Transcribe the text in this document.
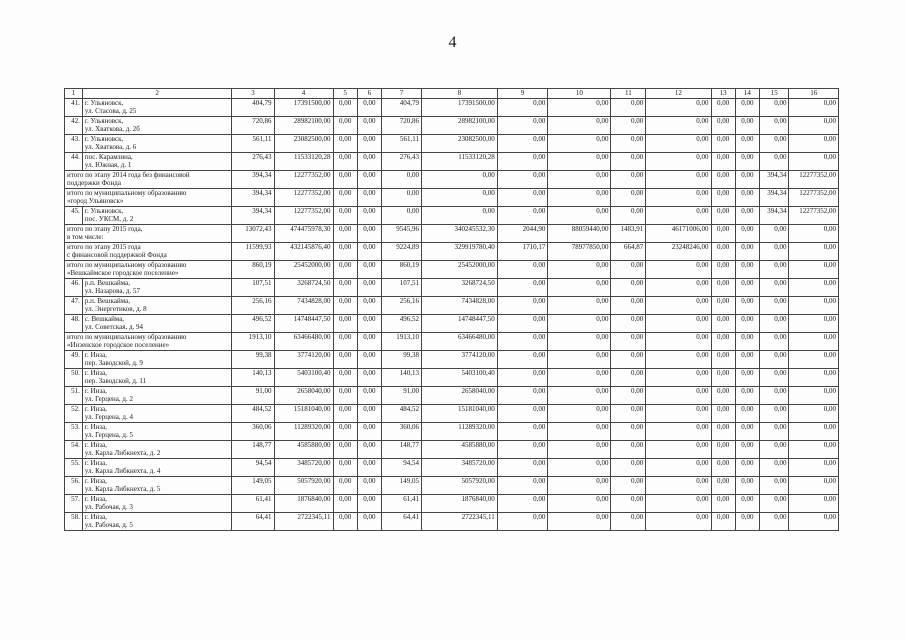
4
1	2	3	4	5	6	7	8	9	10	11	12	13	14	15	16
41.	г. Ульяновск,
ул. Стасова, д. 25	404,79	17391500,00	0,00	0,00	404,79	17391500,00	0,00	0,00	0,00	0,00	0,00	0,00	0,00	0,00
42.	г. Ульяновск,
ул. Хваткова, д. 2б	720,86	28982100,00	0,00	0,00	720,86	28982100,00	0,00	0,00	0,00	0,00	0,00	0,00	0,00	0,00
43.	г. Ульяновск,
ул. Хваткова, д. 6	561,11	23082500,00	0,00	0,00	561,11	23082500,00	0,00	0,00	0,00	0,00	0,00	0,00	0,00	0,00
44.	пос. Карамзина,
ул. Южная, д. 1	276,43	11533120,28	0,00	0,00	276,43	11533120,28	0,00	0,00	0,00	0,00	0,00	0,00	0,00	0,00

итого по этапу 2014 года без финансовой
поддержки Фонда		394,34	12277352,00	0,00	0,00	0,00	0,00	0,00	0,00	0,00	0,00	0,00	0,00	394,34	12277352,00

итого по муниципальному образованию
«город Ульяновск»		394,34	12277352,00	0,00	0,00	0,00	0,00	0,00	0,00	0,00	0,00	0,00	0,00	394,34	12277352,00
45.	г. Ульяновск,
пос. УКСМ, д. 2	394,34	12277352,00	0,00	0,00	0,00	0,00	0,00	0,00	0,00	0,00	0,00	0,00	394,34	12277352,00

итого по этапу 2015 года,
в том числе:		13072,43	474475978,30	0,00	0,00	9545,96	340245532,30	2044,90	88059440,00	1483,91	46171006,00	0,00	0,00	0,00	0,00

итого по этапу 2015 года
с финансовой поддержкой Фонда		11599,93	432145876,40	0,00	0,00	9224,89	329919780,40	1710,17	78977850,00	664,87	23248246,00	0,00	0,00	0,00	0,00

итого по муниципальному образованию
«Вешкаймское городское поселение»		860,19	25452000,00	0,00	0,00	860,19	25452000,00	0,00	0,00	0,00	0,00	0,00	0,00	0,00	0,00
46.	р.п. Вешкайма,
ул. Назарова, д. 57	107,51	3268724,50	0,00	0,00	107,51	3268724,50	0,00	0,00	0,00	0,00	0,00	0,00	0,00	0,00
47.	р.п. Вешкайма,
ул. Энергетиков, д. 8	256,16	7434828,00	0,00	0,00	256,16	7434828,00	0,00	0,00	0,00	0,00	0,00	0,00	0,00	0,00
48.	с. Вешкайма,
ул. Советская, д. 94	496,52	14748447,50	0,00	0,00	496,52	14748447,50	0,00	0,00	0,00	0,00	0,00	0,00	0,00	0,00

итого по муниципальному образованию
«Инзенское городское поселение»		1913,10	63466480,00	0,00	0,00	1913,10	63466480,00	0,00	0,00	0,00	0,00	0,00	0,00	0,00	0,00
49.	г. Инза,
пер. Заводской, д. 9	99,38	3774120,00	0,00	0,00	99,38	3774120,00	0,00	0,00	0,00	0,00	0,00	0,00	0,00	0,00
50.	г. Инза,
пер. Заводской, д. 11	140,13	5403100,40	0,00	0,00	140,13	5403100,40	0,00	0,00	0,00	0,00	0,00	0,00	0,00	0,00
51.	г. Инза,
ул. Герцена, д. 2	91,00	2658040,00	0,00	0,00	91,00	2658040,00	0,00	0,00	0,00	0,00	0,00	0,00	0,00	0,00
52.	г. Инза,
ул. Герцена, д. 4	484,52	15181040,00	0,00	0,00	484,52	15181040,00	0,00	0,00	0,00	0,00	0,00	0,00	0,00	0,00
53.	г. Инза,
ул. Герцена, д. 5	360,06	11289320,00	0,00	0,00	360,06	11289320,00	0,00	0,00	0,00	0,00	0,00	0,00	0,00	0,00
54.	г. Инза,
ул. Карла Либкнехта, д. 2	148,77	4585880,00	0,00	0,00	148,77	4585880,00	0,00	0,00	0,00	0,00	0,00	0,00	0,00	0,00
55.	г. Инза,
ул. Карла Либкнехта, д. 4	94,54	3485720,00	0,00	0,00	94,54	3485720,00	0,00	0,00	0,00	0,00	0,00	0,00	0,00	0,00
56.	г. Инза,
ул. Карла Либкнехта, д. 5	149,05	5057920,00	0,00	0,00	149,05	5057920,00	0,00	0,00	0,00	0,00	0,00	0,00	0,00	0,00
57.	г. Инза,
ул. Рабочая, д. 3	61,41	1876840,00	0,00	0,00	61,41	1876840,00	0,00	0,00	0,00	0,00	0,00	0,00	0,00	0,00
58.	г. Инза,
ул. Рабочая, д. 5	64,41	2722345,11	0,00	0,00	64,41	2722345,11	0,00	0,00	0,00	0,00	0,00	0,00	0,00	0,00
